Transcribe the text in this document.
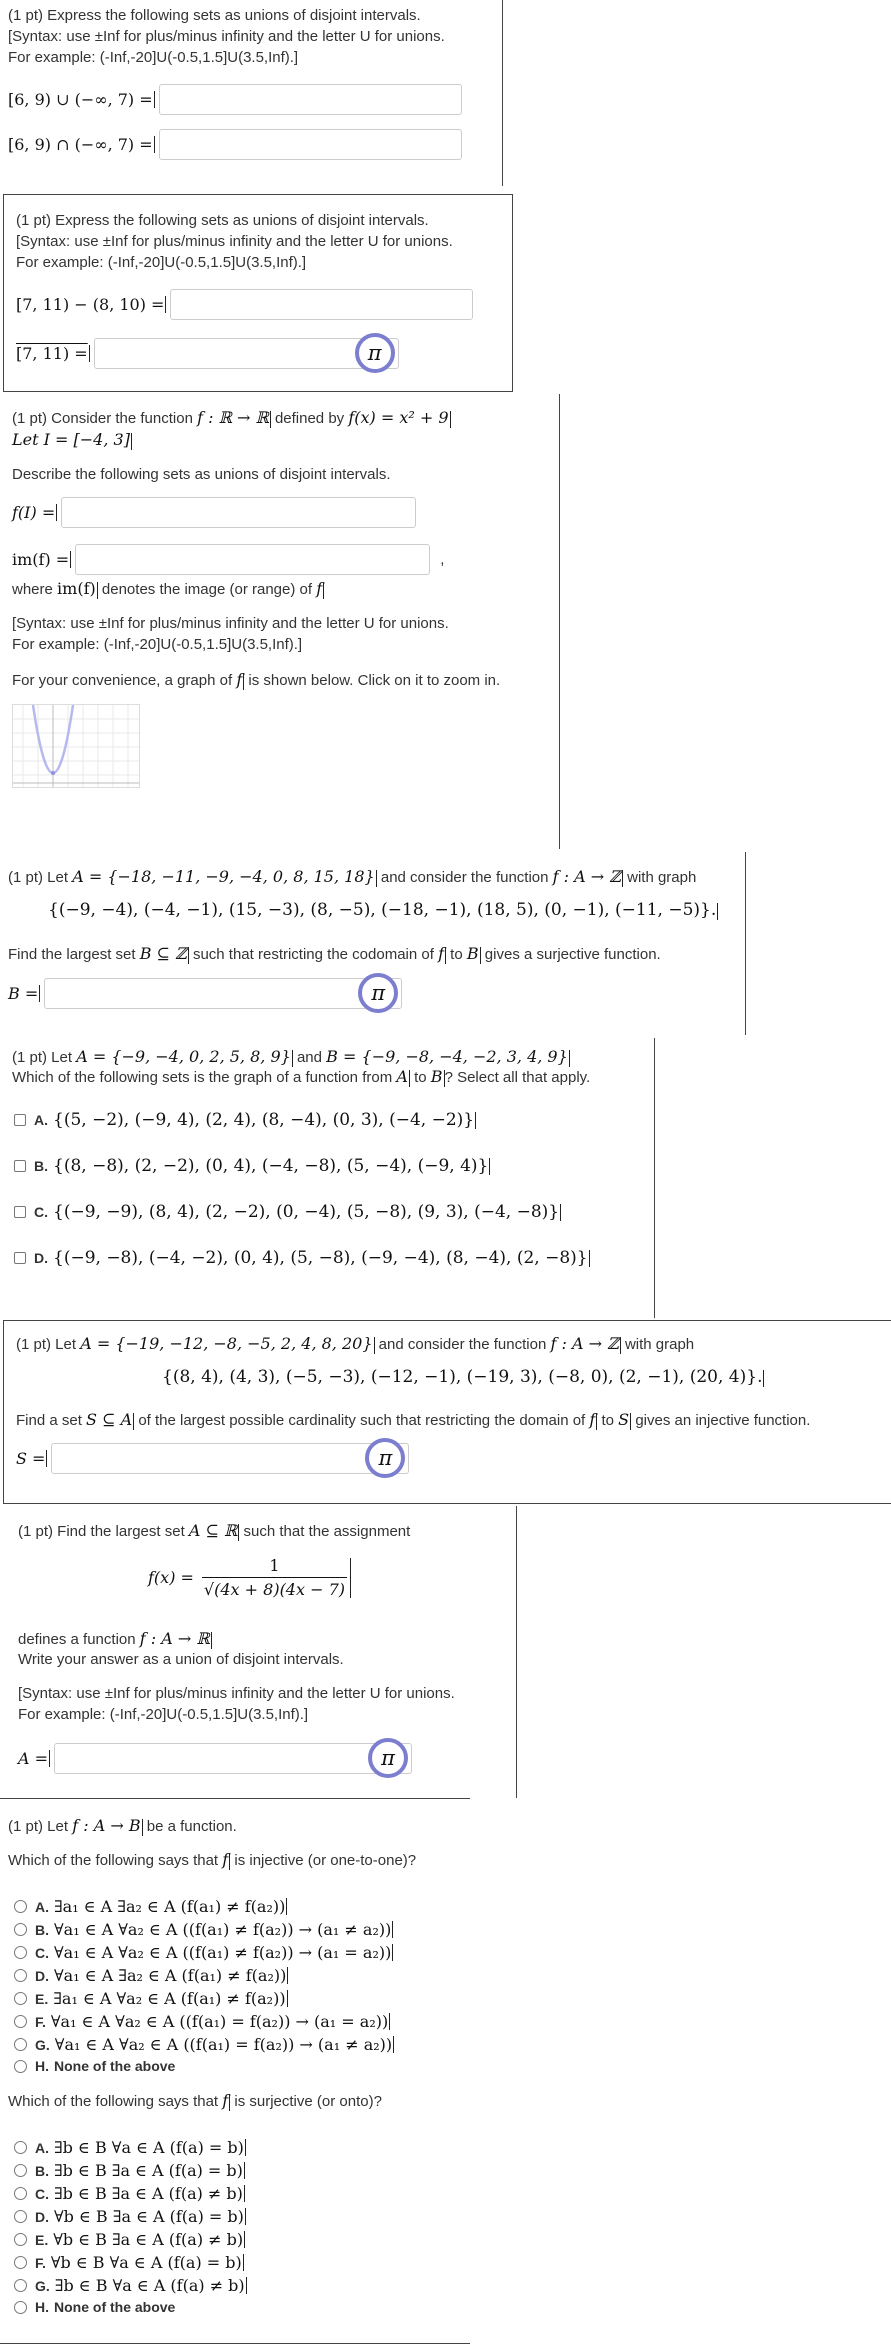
(1 pt) Express the following sets as unions of disjoint intervals.
[Syntax: use ±Inf for plus/minus infinity and the letter U for unions.
For example: (-Inf,-20]U(-0.5,1.5]U(3.5,Inf).]
[6, 9) ∪ (−∞, 7) =
[6, 9) ∩ (−∞, 7) =
(1 pt) Express the following sets as unions of disjoint intervals.
[Syntax: use ±Inf for plus/minus infinity and the letter U for unions.
For example: (-Inf,-20]U(-0.5,1.5]U(3.5,Inf).]
[7, 11) − (8, 10) =
[7, 11) =	π
(1 pt) Consider the function f : ℝ → ℝ defined by f(x) = x² + 9
Let I = [−4, 3]
Describe the following sets as unions of disjoint intervals.
f(I) =
im(f) =	,
where im(f) denotes the image (or range) of f
[Syntax: use ±Inf for plus/minus infinity and the letter U for unions.
For example: (-Inf,-20]U(-0.5,1.5]U(3.5,Inf).]
For your convenience, a graph of f is shown below. Click on it to zoom in.
(1 pt) Let A = {−18, −11, −9, −4, 0, 8, 15, 18} and consider the function f : A → ℤ with graph
{(−9, −4), (−4, −1), (15, −3), (8, −5), (−18, −1), (18, 5), (0, −1), (−11, −5)}.
Find the largest set B ⊆ ℤ such that restricting the codomain of f to B gives a surjective function.
B =	π
(1 pt) Let A = {−9, −4, 0, 2, 5, 8, 9} and B = {−9, −8, −4, −2, 3, 4, 9}
Which of the following sets is the graph of a function from A to B ? Select all that apply.
A. {(5, −2), (−9, 4), (2, 4), (8, −4), (0, 3), (−4, −2)}
B. {(8, −8), (2, −2), (0, 4), (−4, −8), (5, −4), (−9, 4)}
C. {(−9, −9), (8, 4), (2, −2), (0, −4), (5, −8), (9, 3), (−4, −8)}
D. {(−9, −8), (−4, −2), (0, 4), (5, −8), (−9, −4), (8, −4), (2, −8)}
(1 pt) Let A = {−19, −12, −8, −5, 2, 4, 8, 20} and consider the function f : A → ℤ with graph
{(8, 4), (4, 3), (−5, −3), (−12, −1), (−19, 3), (−8, 0), (2, −1), (20, 4)}.
Find a set S ⊆ A of the largest possible cardinality such that restricting the domain of f to S gives an injective function.
S =	π
(1 pt) Find the largest set A ⊆ ℝ such that the assignment
$f(x) = \frac{1}{√(4x + 8)(4x - 7)}$
defines a function f : A → ℝ
Write your answer as a union of disjoint intervals.
[Syntax: use ±Inf for plus/minus infinity and the letter U for unions.
For example: (-Inf,-20]U(-0.5,1.5]U(3.5,Inf).]
A =	π
(1 pt) Let f : A → B be a function.
Which of the following says that f is injective (or one-to-one)?
A. ∃a₁ ∈ A ∃a₂ ∈ A (f(a₁) ≠ f(a₂))
B. ∀a₁ ∈ A ∀a₂ ∈ A ((f(a₁) ≠ f(a₂)) → (a₁ ≠ a₂))
C. ∀a₁ ∈ A ∀a₂ ∈ A ((f(a₁) ≠ f(a₂)) → (a₁ = a₂))
D. ∀a₁ ∈ A ∃a₂ ∈ A (f(a₁) ≠ f(a₂))
E. ∃a₁ ∈ A ∀a₂ ∈ A (f(a₁) ≠ f(a₂))
F. ∀a₁ ∈ A ∀a₂ ∈ A ((f(a₁) = f(a₂)) → (a₁ = a₂))
G. ∀a₁ ∈ A ∀a₂ ∈ A ((f(a₁) = f(a₂)) → (a₁ ≠ a₂))
H. None of the above
Which of the following says that f is surjective (or onto)?
A. ∃b ∈ B ∀a ∈ A (f(a) = b)
B. ∃b ∈ B ∃a ∈ A (f(a) = b)
C. ∃b ∈ B ∃a ∈ A (f(a) ≠ b)
D. ∀b ∈ B ∃a ∈ A (f(a) = b)
E. ∀b ∈ B ∃a ∈ A (f(a) ≠ b)
F. ∀b ∈ B ∀a ∈ A (f(a) = b)
G. ∃b ∈ B ∀a ∈ A (f(a) ≠ b)
H. None of the above
